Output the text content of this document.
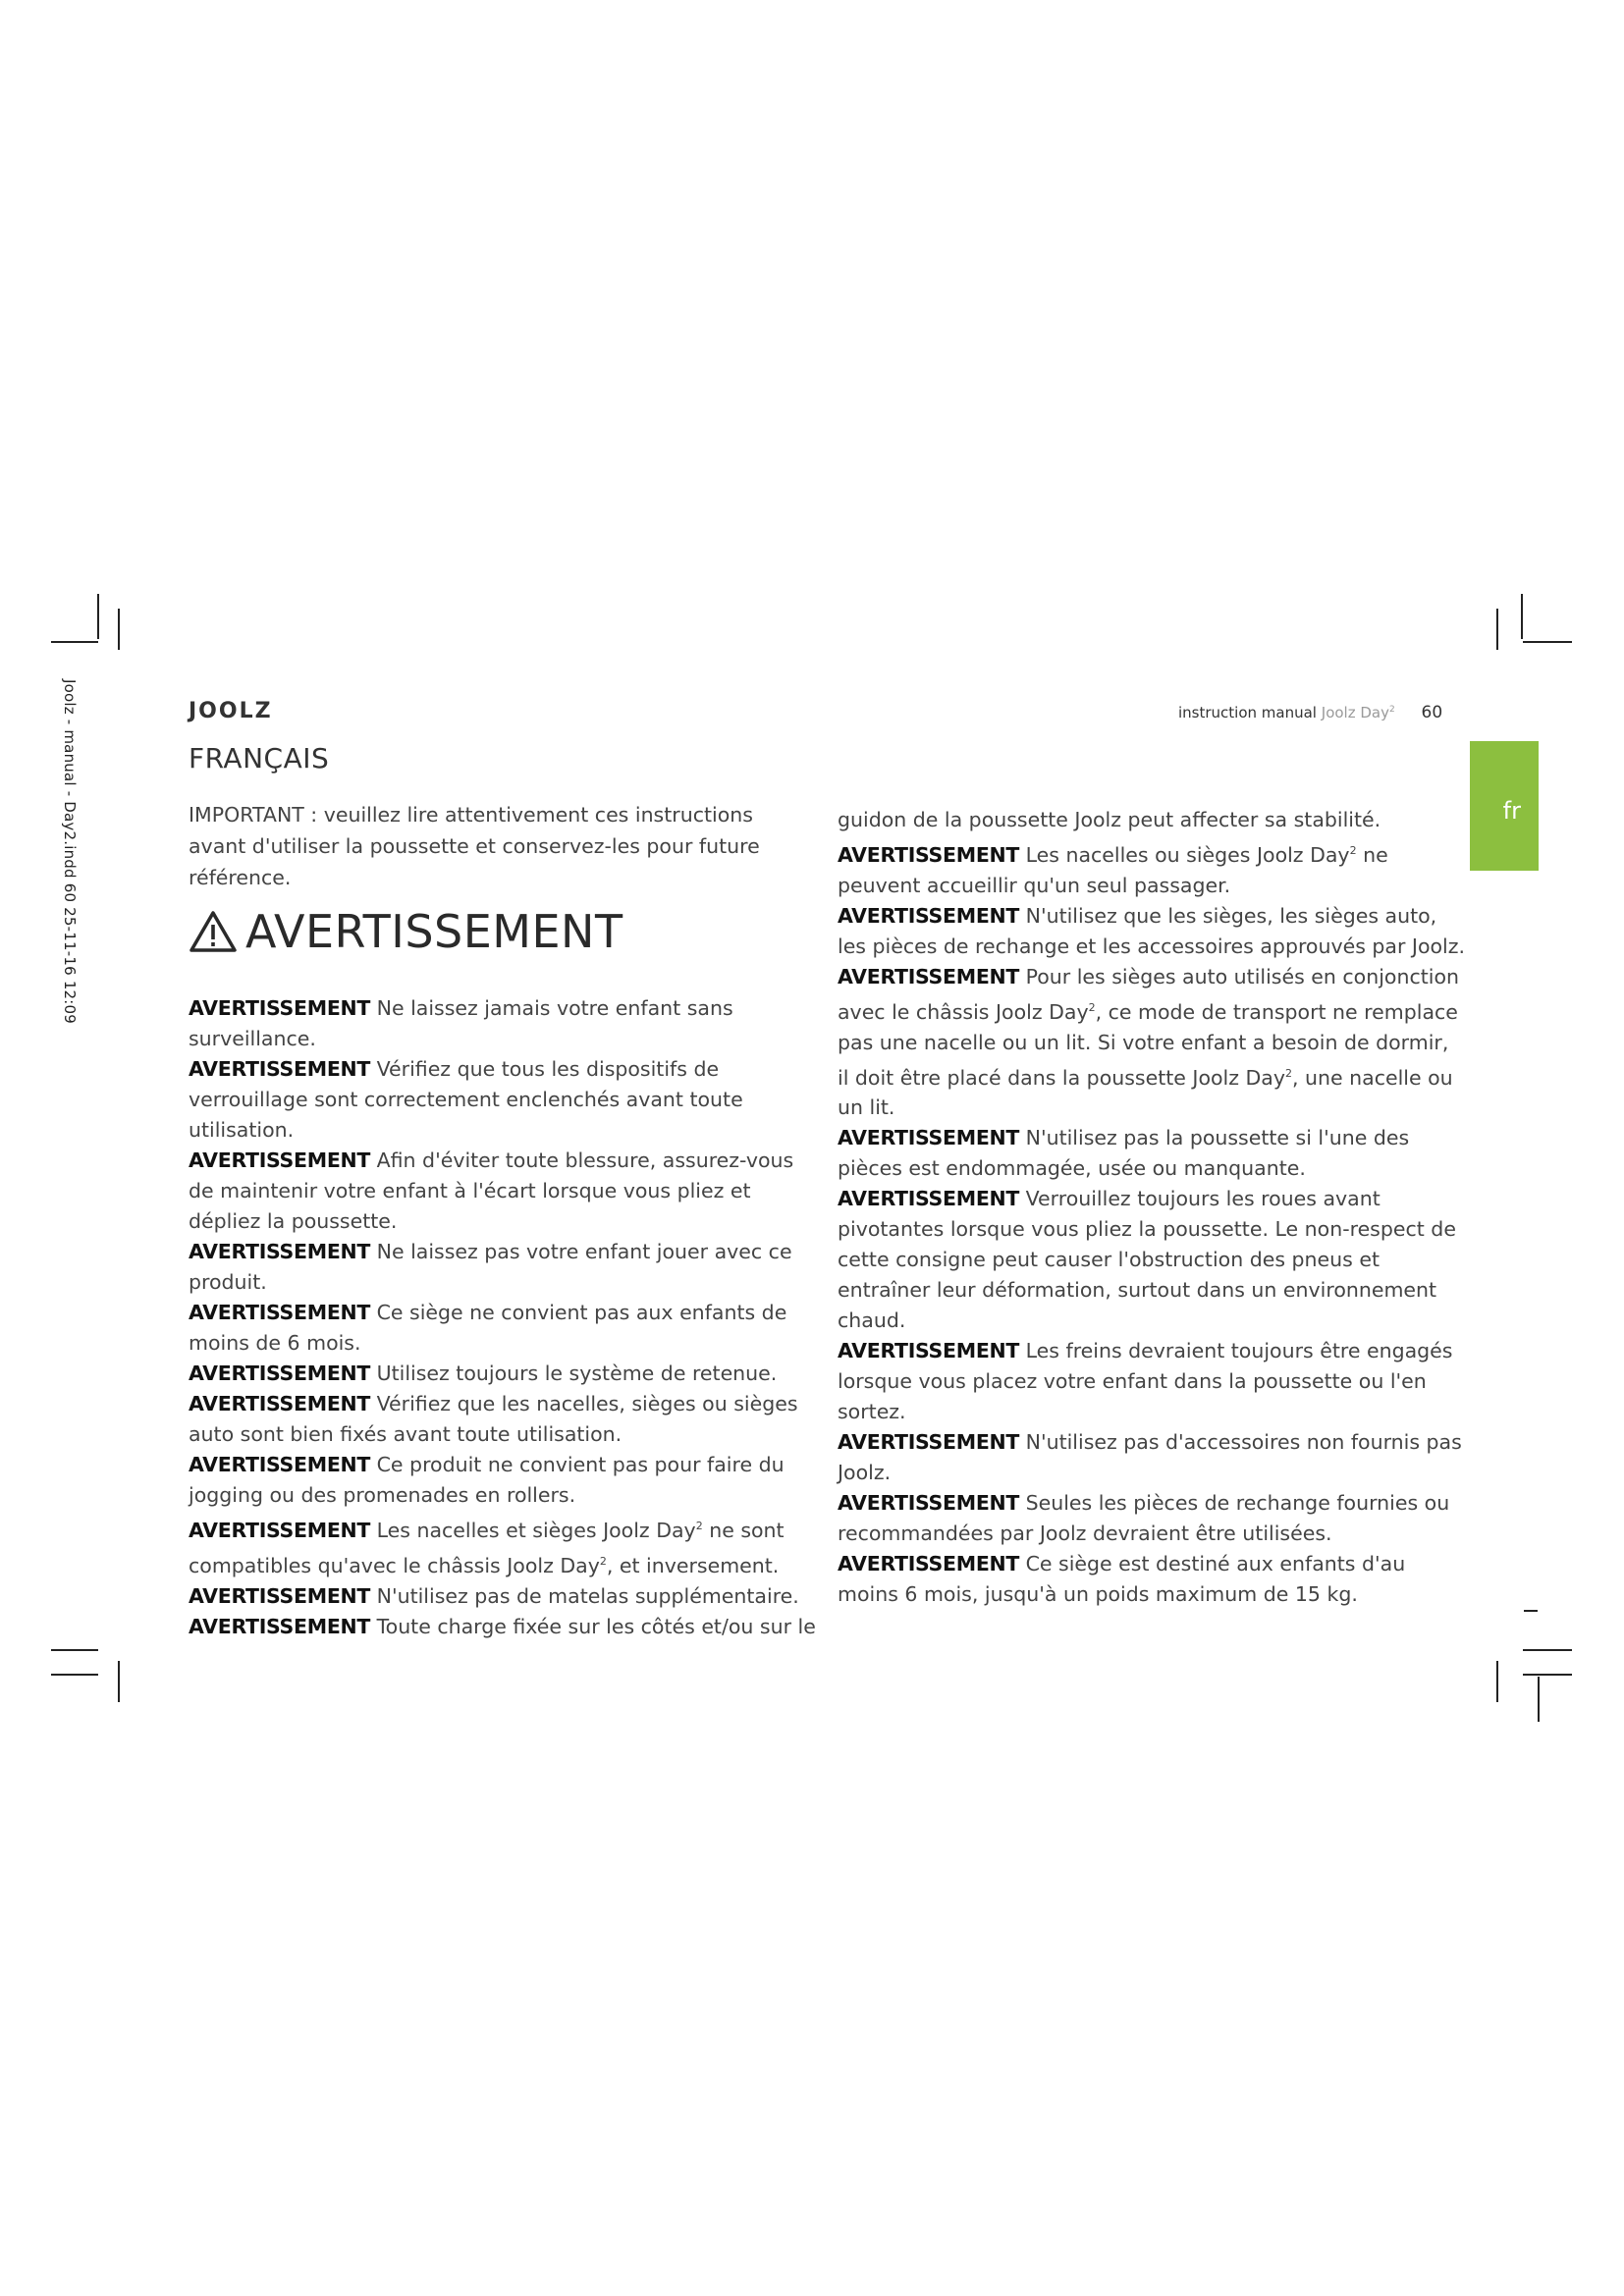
Joolz - manual - Day2.indd 60 25-11-16 12:09	JOOLZ	instruction manual Joolz Day$^2$ 60
fr
FRANÇAIS
IMPORTANT : veuillez lire attentivement ces instructions avant d'utiliser la poussette et conservez-les pour future référence.
AVERTISSEMENT

AVERTISSEMENT Ne laissez jamais votre enfant sans surveillance.

AVERTISSEMENT Vérifiez que tous les dispositifs de verrouillage sont correctement enclenchés avant toute utilisation.

AVERTISSEMENT Afin d'éviter toute blessure, assurez-vous de maintenir votre enfant à l'écart lorsque vous pliez et dépliez la poussette.

AVERTISSEMENT Ne laissez pas votre enfant jouer avec ce produit.

AVERTISSEMENT Ce siège ne convient pas aux enfants de moins de 6 mois.

AVERTISSEMENT Utilisez toujours le système de retenue.

AVERTISSEMENT Vérifiez que les nacelles, sièges ou sièges auto sont bien fixés avant toute utilisation.

AVERTISSEMENT Ce produit ne convient pas pour faire du jogging ou des promenades en rollers.

AVERTISSEMENT Les nacelles et sièges Joolz Day$^2$ ne sont compatibles qu'avec le châssis Joolz Day$^2$, et inversement.

AVERTISSEMENT N'utilisez pas de matelas supplémentaire.

AVERTISSEMENT Toute charge fixée sur les côtés et/ou sur le

guidon de la poussette Joolz peut affecter sa stabilité.

AVERTISSEMENT Les nacelles ou sièges Joolz Day$^2$ ne peuvent accueillir qu'un seul passager.

AVERTISSEMENT N'utilisez que les sièges, les sièges auto, les pièces de rechange et les accessoires approuvés par Joolz.

AVERTISSEMENT Pour les sièges auto utilisés en conjonction avec le châssis Joolz Day$^2$, ce mode de transport ne remplace pas une nacelle ou un lit. Si votre enfant a besoin de dormir, il doit être placé dans la poussette Joolz Day$^2$, une nacelle ou un lit.

AVERTISSEMENT N'utilisez pas la poussette si l'une des pièces est endommagée, usée ou manquante.

AVERTISSEMENT Verrouillez toujours les roues avant pivotantes lorsque vous pliez la poussette. Le non-respect de cette consigne peut causer l'obstruction des pneus et entraîner leur déformation, surtout dans un environnement chaud.

AVERTISSEMENT Les freins devraient toujours être engagés lorsque vous placez votre enfant dans la poussette ou l'en sortez.

AVERTISSEMENT N'utilisez pas d'accessoires non fournis pas Joolz.

AVERTISSEMENT Seules les pièces de rechange fournies ou recommandées par Joolz devraient être utilisées.

AVERTISSEMENT Ce siège est destiné aux enfants d'au moins 6 mois, jusqu'à un poids maximum de 15 kg.
